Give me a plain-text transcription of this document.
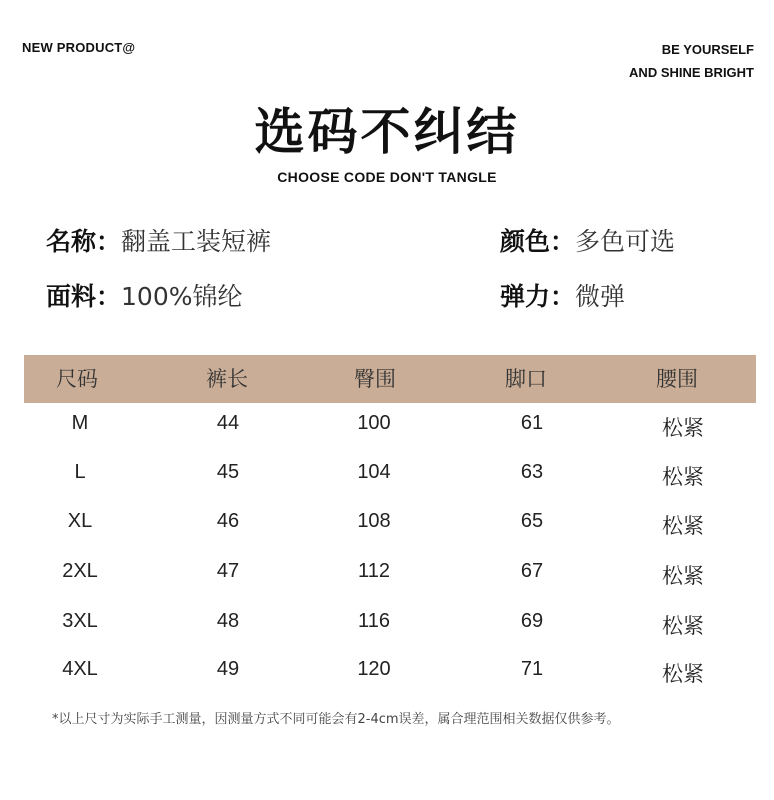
NEW PRODUCT@	BE YOURSELF
AND SHINE BRIGHT
选码不纠结
CHOOSE CODE DON'T TANGLE
名称：翻盖工装短裤	颜色：多色可选
面料：100%锦纶	弹力：微弹
尺码	裤长	臀围	脚口	腰围
M	44	100	61	松紧
L	45	104	63	松紧
XL	46	108	65	松紧
2XL	47	112	67	松紧
3XL	48	116	69	松紧
4XL	49	120	71	松紧
*以上尺寸为实际手工测量，因测量方式不同可能会有2-4cm误差，属合理范围相关数据仅供参考。
